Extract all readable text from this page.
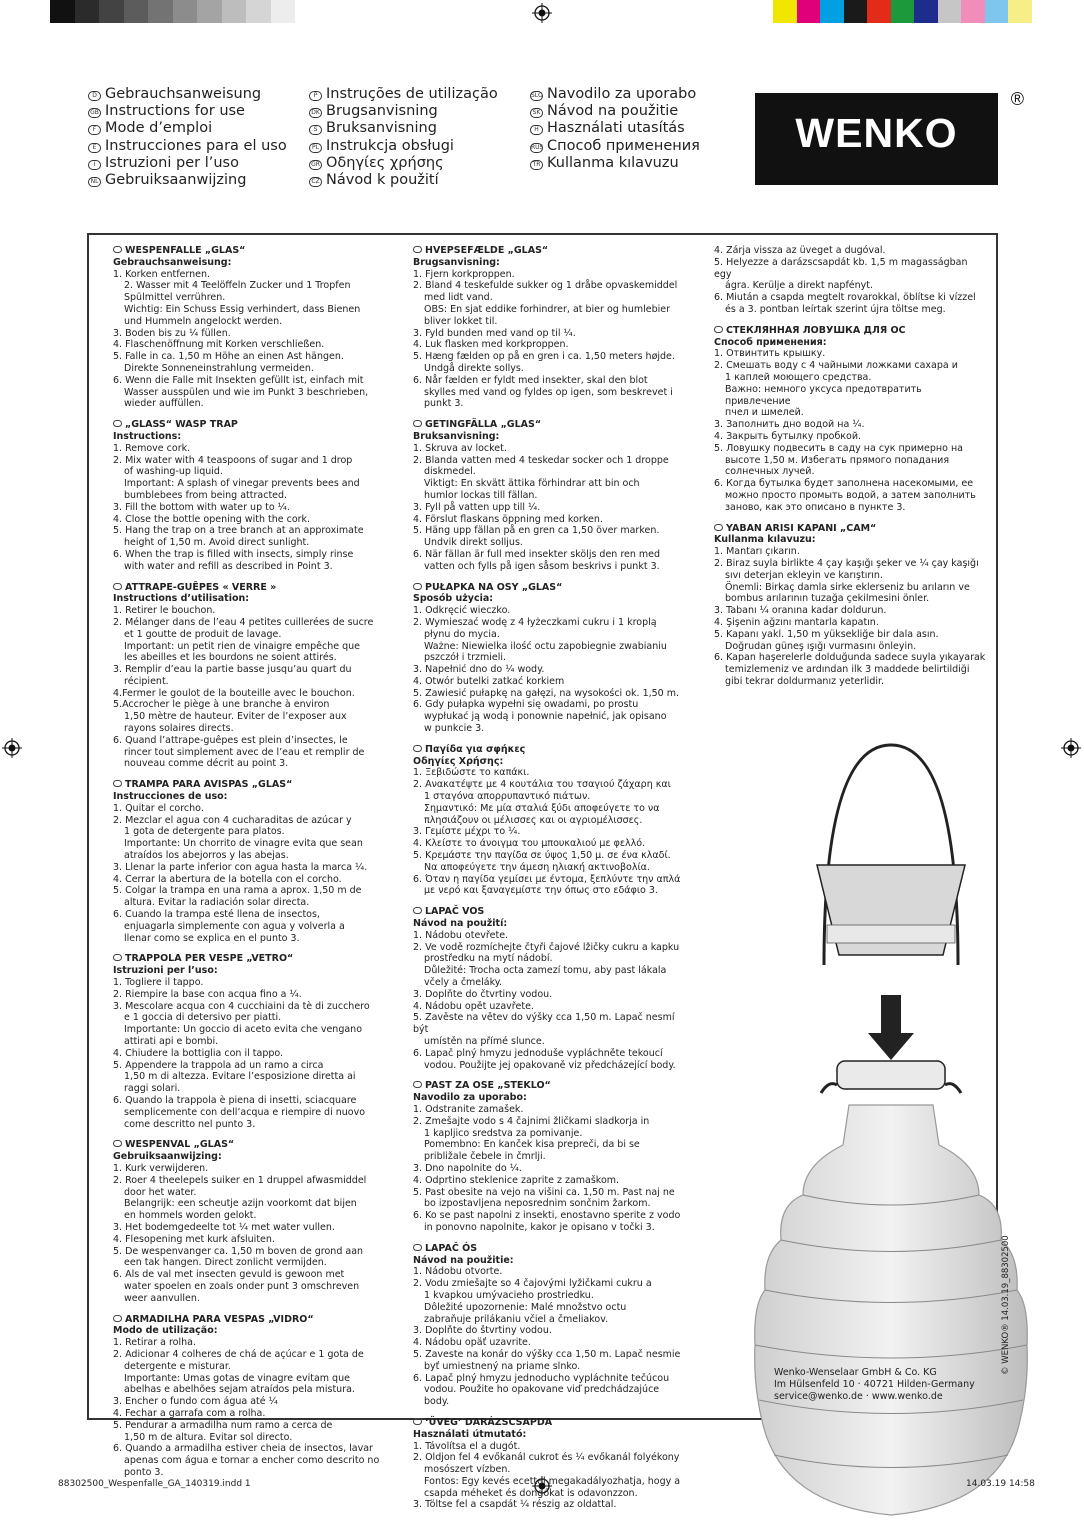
D Gebrauchsanweisung
GB Instructions for use
F Mode d’emploi
E Instrucciones para el uso
I Istruzioni per l’uso
NL Gebruiksaanwijzing
P Instruções de utilização
DK Brugsanvisning
S Bruksanvisning
PL Instrukcja obsługi
GR Οδηγίες χρήσης
CZ Návod k použití
SLO Navodilo za uporabo
SK Návod na použitie
H Használati utasítás
RUS Способ применения
TR Kullanma kılavuzu
WENKO
®
WESPENFALLE „GLAS“
Gebrauchsanweisung:
1. Korken entfernen.
2. Wasser mit 4 Teelöffeln Zucker und 1 Tropfen
Spülmittel verrühren.
Wichtig: Ein Schuss Essig verhindert, dass Bienen
und Hummeln angelockt werden.
3. Boden bis zu ¼ füllen.
4. Flaschenöffnung mit Korken verschließen.
5. Falle in ca. 1,50 m Höhe an einen Ast hängen.
Direkte Sonneneinstrahlung vermeiden.
6. Wenn die Falle mit Insekten gefüllt ist, einfach mit
Wasser ausspülen und wie im Punkt 3 beschrieben,
wieder auffüllen.
„GLASS“ WASP TRAP
Instructions:
1. Remove cork.
2. Mix water with 4 teaspoons of sugar and 1 drop
of washing-up liquid.
Important: A splash of vinegar prevents bees and
bumblebees from being attracted.
3. Fill the bottom with water up to ¼.
4. Close the bottle opening with the cork.
5. Hang the trap on a tree branch at an approximate
height of 1,50 m. Avoid direct sunlight.
6. When the trap is filled with insects, simply rinse
with water and refill as described in Point 3.
ATTRAPE-GUÊPES « VERRE »
Instructions d’utilisation:
1. Retirer le bouchon.
2. Mélanger dans de l’eau 4 petites cuillerées de sucre
et 1 goutte de produit de lavage.
Important: un petit rien de vinaigre empêche que
les abeilles et les bourdons ne soient attirés.
3. Remplir d’eau la partie basse jusqu’au quart du
récipient.
4.Fermer le goulot de la bouteille avec le bouchon.
5.Accrocher le piège à une branche à environ
1,50 mètre de hauteur. Eviter de l’exposer aux
rayons solaires directs.
6. Quand l’attrape-guêpes est plein d’insectes, le
rincer tout simplement avec de l’eau et remplir de
nouveau comme décrit au point 3.
TRAMPA PARA AVISPAS „GLAS“
Instrucciones de uso:
1. Quitar el corcho.
2. Mezclar el agua con 4 cucharaditas de azúcar y
1 gota de detergente para platos.
Importante: Un chorrito de vinagre evita que sean
atraídos los abejorros y las abejas.
3. Llenar la parte inferior con agua hasta la marca ¼.
4. Cerrar la abertura de la botella con el corcho.
5. Colgar la trampa en una rama a aprox. 1,50 m de
altura. Evitar la radiación solar directa.
6. Cuando la trampa esté llena de insectos,
enjuagarla simplemente con agua y volverla a
llenar como se explica en el punto 3.
TRAPPOLA PER VESPE „VETRO“
Istruzioni per l’uso:
1. Togliere il tappo.
2. Riempire la base con acqua fino a ¼.
3. Mescolare acqua con 4 cucchiaini da tè di zucchero
e 1 goccia di detersivo per piatti.
Importante: Un goccio di aceto evita che vengano
attirati api e bombi.
4. Chiudere la bottiglia con il tappo.
5. Appendere la trappola ad un ramo a circa
1,50 m di altezza. Evitare l’esposizione diretta ai
raggi solari.
6. Quando la trappola è piena di insetti, sciacquare
semplicemente con dell’acqua e riempire di nuovo
come descritto nel punto 3.
WESPENVAL „GLAS“
Gebruiksaanwijzing:
1. Kurk verwijderen.
2. Roer 4 theelepels suiker en 1 druppel afwasmiddel
door het water.
Belangrijk: een scheutje azijn voorkomt dat bijen
en hommels worden gelokt.
3. Het bodemgedeelte tot ¼ met water vullen.
4. Flesopening met kurk afsluiten.
5. De wespenvanger ca. 1,50 m boven de grond aan
een tak hangen. Direct zonlicht vermijden.
6. Als de val met insecten gevuld is gewoon met
water spoelen en zoals onder punt 3 omschreven
weer aanvullen.
ARMADILHA PARA VESPAS „VIDRO“
Modo de utilização:
1. Retirar a rolha.
2. Adicionar 4 colheres de chá de açúcar e 1 gota de
detergente e misturar.
Importante: Umas gotas de vinagre evitam que
abelhas e abelhões sejam atraídos pela mistura.
3. Encher o fundo com água até ¼
4. Fechar a garrafa com a rolha.
5. Pendurar a armadilha num ramo a cerca de
1,50 m de altura. Evitar sol directo.
6. Quando a armadilha estiver cheia de insectos, lavar
apenas com água e tornar a encher como descrito no
ponto 3.
HVEPSEFÆLDE „GLAS“
Brugsanvisning:
1. Fjern korkproppen.
2. Bland 4 teskefulde sukker og 1 dråbe opvaskemiddel
med lidt vand.
OBS: En sjat eddike forhindrer, at bier og humlebier
bliver lokket til.
3. Fyld bunden med vand op til ¼.
4. Luk flasken med korkproppen.
5. Hæng fælden op på en gren i ca. 1,50 meters højde.
Undgå direkte sollys.
6. Når fælden er fyldt med insekter, skal den blot
skylles med vand og fyldes op igen, som beskrevet i
punkt 3.
GETINGFÄLLA „GLAS“
Bruksanvisning:
1. Skruva av locket.
2. Blanda vatten med 4 teskedar socker och 1 droppe
diskmedel.
Viktigt: En skvätt ättika förhindrar att bin och
humlor lockas till fällan.
3. Fyll på vatten upp till ¼.
4. Förslut flaskans öppning med korken.
5. Häng upp fällan på en gren ca 1,50 över marken.
Undvik direkt solljus.
6. När fällan är full med insekter sköljs den ren med
vatten och fylls på igen såsom beskrivs i punkt 3.
PUŁAPKA NA OSY „GLAS“
Sposób użycia:
1. Odkręcić wieczko.
2. Wymieszać wodę z 4 łyżeczkami cukru i 1 kroplą
płynu do mycia.
Ważne: Niewielka ilość octu zapobiegnie zwabianiu
pszczół i trzmieli.
3. Napełnić dno do ¼ wody.
4. Otwór butelki zatkać korkiem
5. Zawiesić pułapkę na gałęzi, na wysokości ok. 1,50 m.
6. Gdy pułapka wypełni się owadami, po prostu
wypłukać ją wodą i ponownie napełnić, jak opisano
w punkcie 3.
Παγίδα για σφήκες
Οδηγίες Χρήσης:
1. Ξεβιδώστε το καπάκι.
2. Ανακατέψτε με 4 κουτάλια του τσαγιού ζάχαρη και
1 σταγόνα απορρυπαντικό πιάτων.
Σημαντικό: Με μία σταλιά ξύδι αποφεύγετε το να
πλησιάζουν οι μέλισσες και οι αγριομέλισσες.
3. Γεμίστε μέχρι το ¼.
4. Κλείστε το άνοιγμα του μπουκαλιού με φελλό.
5. Κρεμάστε την παγίδα σε ύψος 1,50 μ. σε ένα κλαδί.
Να αποφεύγετε την άμεση ηλιακή ακτινοβολία.
6. Όταν η παγίδα γεμίσει με έντομα, ξεπλύντε την απλά
με νερό και ξαναγεμίστε την όπως στο εδάφιο 3.
LAPAČ VOS
Návod na použití:
1. Nádobu otevřete.
2. Ve vodě rozmíchejte čtyři čajové lžičky cukru a kapku
prostředku na mytí nádobí.
Důležité: Trocha octa zamezí tomu, aby past lákala
včely a čmeláky.
3. Doplňte do čtvrtiny vodou.
4. Nádobu opět uzavřete.
5. Zavěste na větev do výšky cca 1,50 m. Lapač nesmí být
umístěn na přímé slunce.
6. Lapač plný hmyzu jednoduše vypláchněte tekoucí
vodou. Použijte jej opakovaně viz předcházející body.
PAST ZA OSE „STEKLO“
Navodilo za uporabo:
1. Odstranite zamašek.
2. Zmešajte vodo s 4 čajnimi žličkami sladkorja in
1 kapljico sredstva za pomivanje.
Pomembno: En kanček kisa prepreči, da bi se
približale čebele in čmrlji.
3. Dno napolnite do ¼.
4. Odprtino steklenice zaprite z zamaškom.
5. Past obesite na vejo na višini ca. 1,50 m. Past naj ne
bo izpostavljena neposrednim sončnim žarkom.
6. Ko se past napolni z insekti, enostavno sperite z vodo
in ponovno napolnite, kakor je opisano v točki 3.
LAPAČ ÓS
Návod na použitie:
1. Nádobu otvorte.
2. Vodu zmiešajte so 4 čajovými lyžičkami cukru a
1 kvapkou umývacieho prostriedku.
Dôležité upozornenie: Malé množstvo octu
zabraňuje prilákaniu včiel a čmeliakov.
3. Doplňte do štvrtiny vodou.
4. Nádobu opäť uzavrite.
5. Zaveste na konár do výšky cca 1,50 m. Lapač nesmie
byť umiestnený na priame slnko.
6. Lapač plný hmyzu jednoducho vypláchnite tečúcou
vodou. Použite ho opakovane viď predchádzajúce
body.
‘ÜVEG’ DARÁZSCSAPDA
Használati útmutató:
1. Távolítsa el a dugót.
2. Oldjon fel 4 evőkanál cukrot és ¼ evőkanál folyékony
mosószert vízben.
Fontos: Egy kevés ecettel megakadályozhatja, hogy a
csapda méheket és dongókat is odavonzzon.
3. Töltse fel a csapdát ¼ részig az oldattal.
4. Zárja vissza az üveget a dugóval.
5. Helyezze a darázscsapdát kb. 1,5 m magasságban egy
ágra. Kerülje a direkt napfényt.
6. Miután a csapda megtelt rovarokkal, öblítse ki vízzel
és a 3. pontban leírtak szerint újra töltse meg.
СТЕКЛЯННАЯ ЛОВУШКА ДЛЯ ОС
Способ применения:
1. Отвинтить крышку.
2. Смешать воду с 4 чайными ложками сахара и
1 каплей моющего средства.
Важно: немного уксуса предотвратить привлечение
пчел и шмелей.
3. Заполнить дно водой на ¼.
4. Закрыть бутылку пробкой.
5. Ловушку подвесить в саду на сук примерно на
высоте 1,50 м. Избегать прямого попадания
солнечных лучей.
6. Когда бутылка будет заполнена насекомыми, ее
можно просто промыть водой, а затем заполнить
заново, как это описано в пункте 3.
YABAN ARISI KAPANI „CAM“
Kullanma kılavuzu:
1. Mantarı çıkarın.
2. Biraz suyla birlikte 4 çay kaşığı şeker ve ¼ çay kaşığı
sıvı deterjan ekleyin ve karıştırın.
Önemli: Birkaç damla sirke eklerseniz bu arıların ve
bombus arılarının tuzağa çekilmesini önler.
3. Tabanı ¼ oranına kadar doldurun.
4. Şişenin ağzını mantarla kapatın.
5. Kapanı yakl. 1,50 m yüksekliğe bir dala asın.
Doğrudan güneş ışığı vurmasını önleyin.
6. Kapan haşerelerle dolduğunda sadece suyla yıkayarak
temizlemeniz ve ardından ilk 3 maddede belirtildiği
gibi tekrar doldurmanız yeterlidir.
Wenko-Wenselaar GmbH & Co. KG
Im Hülsenfeld 10 · 40721 Hilden-Germany
service@wenko.de · www.wenko.de
© WENKO® 14.03.19_88302500
88302500_Wespenfalle_GA_140319.indd 1	14.03.19 14:58
